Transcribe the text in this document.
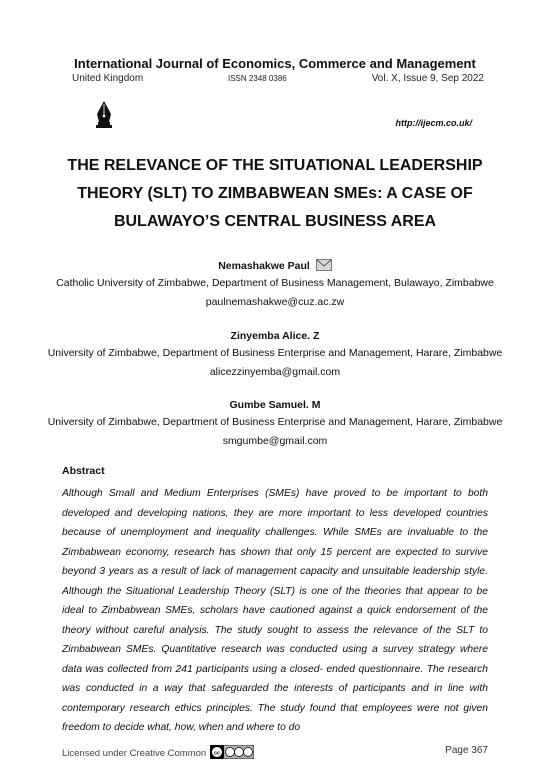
International Journal of Economics, Commerce and Management
United Kingdom	ISSN 2348 0386	Vol. X, Issue 9, Sep 2022
http://ijecm.co.uk/
THE RELEVANCE OF THE SITUATIONAL LEADERSHIP
THEORY (SLT) TO ZIMBABWEAN SMEs: A CASE OF
BULAWAYO’S CENTRAL BUSINESS AREA
Nemashakwe Paul
Catholic University of Zimbabwe, Department of Business Management, Bulawayo, Zimbabwe
paulnemashakwe@cuz.ac.zw
Zinyemba Alice. Z
University of Zimbabwe, Department of Business Enterprise and Management, Harare, Zimbabwe
alicezzinyemba@gmail.com
Gumbe Samuel. M
University of Zimbabwe, Department of Business Enterprise and Management, Harare, Zimbabwe
smgumbe@gmail.com
Abstract

Although Small and Medium Enterprises (SMEs) have proved to be important to both developed and developing nations, they are more important to less developed countries because of unemployment and inequality challenges. While SMEs are invaluable to the Zimbabwean economy, research has shown that only 15 percent are expected to survive beyond 3 years as a result of lack of management capacity and unsuitable leadership style. Although the Situational Leadership Theory (SLT) is one of the theories that appear to be ideal to Zimbabwean SMEs, scholars have cautioned against a quick endorsement of the theory without careful analysis. The study sought to assess the relevance of the SLT to Zimbabwean SMEs. Quantitative research was conducted using a survey strategy where data was collected from 241 participants using a closed- ended questionnaire. The research was conducted in a way that safeguarded the interests of participants and in line with contemporary research ethics principles. The study found that employees were not given freedom to decide what, how, when and where to do

Licensed under Creative Common cc	Page 367
